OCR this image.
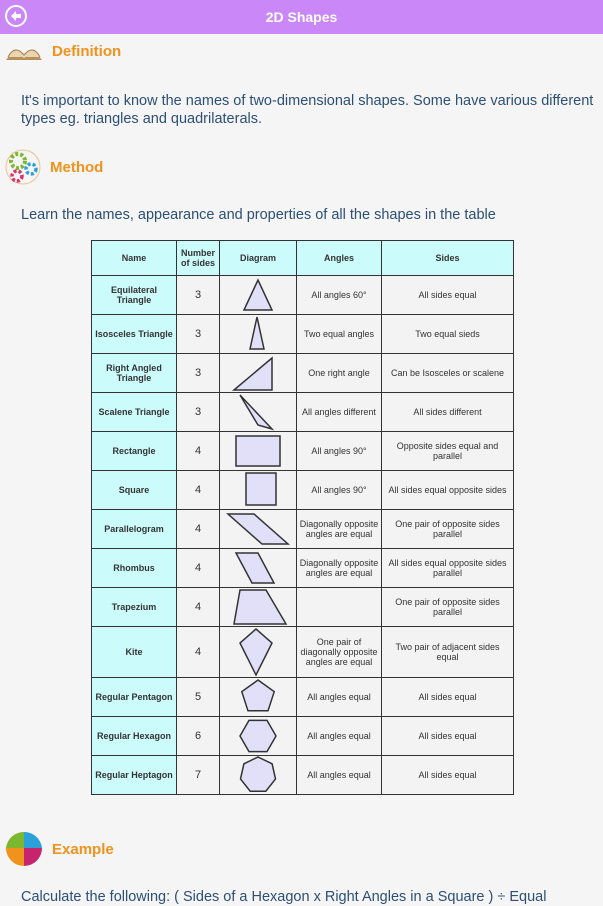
2D Shapes
Definition
It's important to know the names of two-dimensional shapes. Some have various different types eg. triangles and quadrilaterals.
Method
Learn the names, appearance and properties of all the shapes in the table
Name	Number of sides	Diagram	Angles	Sides
Equilateral Triangle	3		All angles 60°	All sides equal
Isosceles Triangle	3		Two equal angles	Two equal sieds
Right Angled Triangle	3		One right angle	Can be Isosceles or scalene
Scalene Triangle	3		All angles different	All sides different
Rectangle	4		All angles 90°	Opposite sides equal and parallel
Square	4		All angles 90°	All sides equal opposite sides
Parallelogram	4		Diagonally opposite angles are equal	One pair of opposite sides parallel
Rhombus	4		Diagonally opposite angles are equal	All sides equal opposite sides parallel
Trapezium	4			One pair of opposite sides parallel
Kite	4		One pair of diagonally opposite angles are equal	Two pair of adjacent sides equal
Regular Pentagon	5		All angles equal	All sides equal
Regular Hexagon	6		All angles equal	All sides equal
Regular Heptagon	7		All angles equal	All sides equal
Example
Calculate the following: ( Sides of a Hexagon x Right Angles in a Square ) ÷ Equal
